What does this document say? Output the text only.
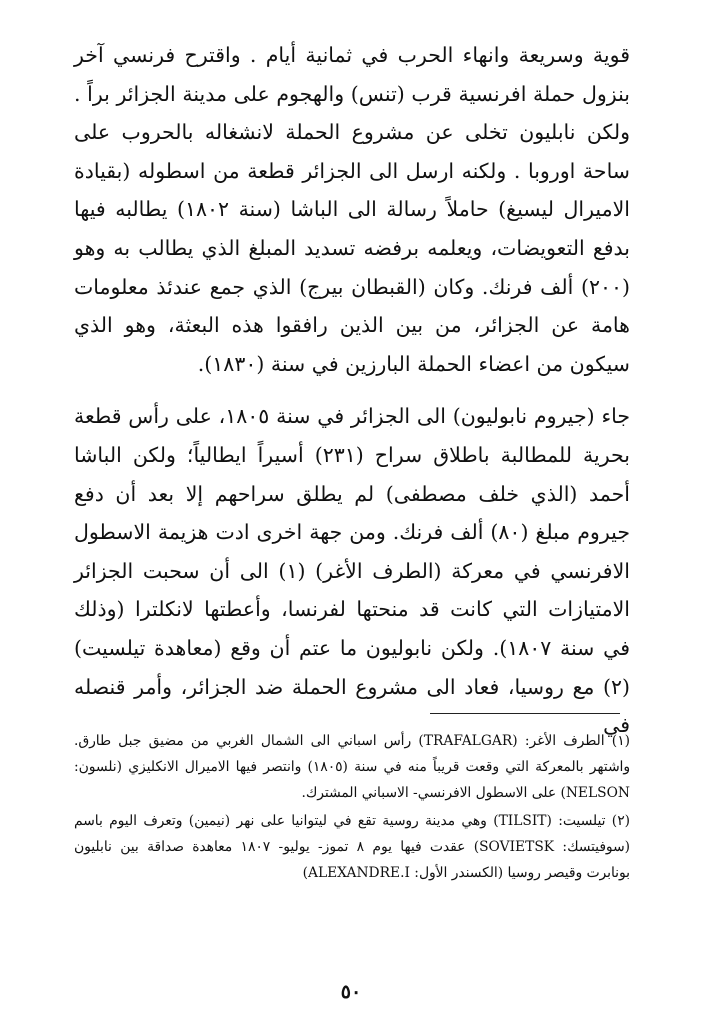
قوية وسريعة وانهاء الحرب في ثمانية أيام . واقترح فرنسي آخر بنزول حملة افرنسية قرب (تنس) والهجوم على مدينة الجزائر براً . ولكن نابليون تخلى عن مشروع الحملة لانشغاله بالحروب على ساحة اوروبا . ولكنه ارسل الى الجزائر قطعة من اسطوله (بقيادة الاميرال ليسيغ) حاملاً رسالة الى الباشا (سنة ١٨٠٢) يطالبه فيها بدفع التعويضات، ويعلمه برفضه تسديد المبلغ الذي يطالب به وهو (٢٠٠) ألف فرنك. وكان (القبطان بيرج) الذي جمع عندئذ معلومات هامة عن الجزائر، من بين الذين رافقوا هذه البعثة، وهو الذي سيكون من اعضاء الحملة البارزين في سنة (١٨٣٠).

جاء (جيروم نابوليون) الى الجزائر في سنة ١٨٠٥، على رأس قطعة بحرية للمطالبة باطلاق سراح (٢٣١) أسيراً ايطالياً؛ ولكن الباشا أحمد (الذي خلف مصطفى) لم يطلق سراحهم إلا بعد أن دفع جيروم مبلغ (٨٠) ألف فرنك. ومن جهة اخرى ادت هزيمة الاسطول الافرنسي في معركة (الطرف الأغر) (١) الى أن سحبت الجزائر الامتيازات التي كانت قد منحتها لفرنسا، وأعطتها لانكلترا (وذلك في سنة ١٨٠٧). ولكن نابوليون ما عتم أن وقع (معاهدة تيلسيت) (٢) مع روسيا، فعاد الى مشروع الحملة ضد الجزائر، وأمر قنصله في

(١) الطرف الأغر: (TRAFALGAR) رأس اسباني الى الشمال الغربي من مضيق جبل طارق. واشتهر بالمعركة التي وقعت قريباً منه في سنة (١٨٠٥) وانتصر فيها الاميرال الانكليزي (نلسون: NELSON) على الاسطول الافرنسي- الاسباني المشترك.

(٢) تيلسيت: (TILSIT) وهي مدينة روسية تقع في ليتوانيا على نهر (نيمين) وتعرف اليوم باسم (سوفيتسك: SOVIETSK) عقدت فيها يوم ٨ تموز- يوليو- ١٨٠٧ معاهدة صداقة بين نابليون بونابرت وقيصر روسيا (الكسندر الأول: ALEXANDRE.I)

٥٠
